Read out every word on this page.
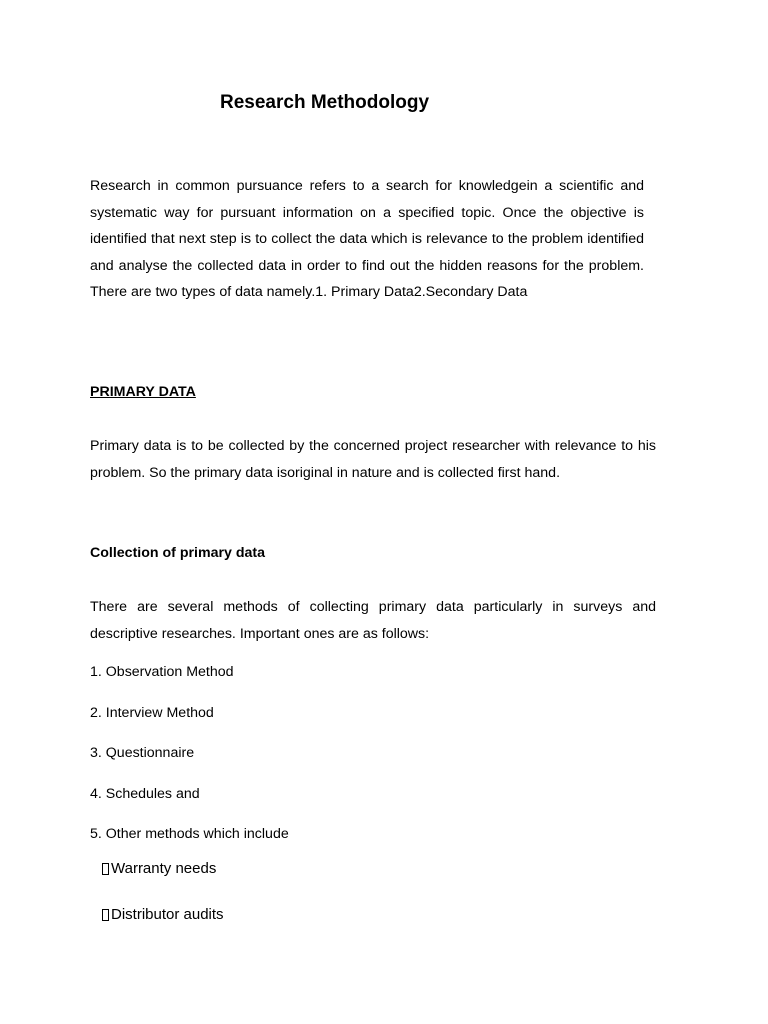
Research Methodology

Research in common pursuance refers to a search for knowledgein a scientific and systematic way for pursuant information on a specified topic. Once the objective is identified that next step is to collect the data which is relevance to the problem identified and analyse the collected data in order to find out the hidden reasons for the problem. There are two types of data namely.1. Primary Data2.Secondary Data

PRIMARY DATA

Primary data is to be collected by the concerned project researcher with relevance to his problem. So the primary data isoriginal in nature and is collected first hand.

Collection of primary data

There are several methods of collecting primary data particularly in surveys and descriptive researches. Important ones are as follows:

1. Observation Method
2. Interview Method
3. Questionnaire
4. Schedules and
5. Other methods which include
Warranty needs
Distributor audits
